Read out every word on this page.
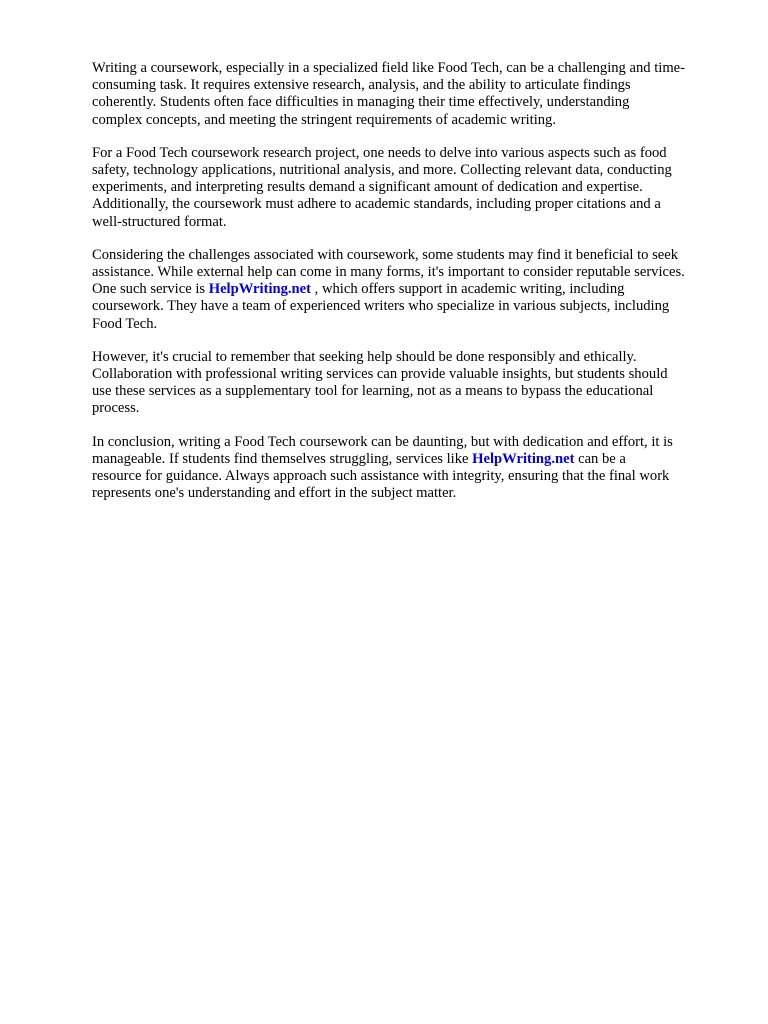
Writing a coursework, especially in a specialized field like Food Tech, can be a challenging and time-
consuming task. It requires extensive research, analysis, and the ability to articulate findings
coherently. Students often face difficulties in managing their time effectively, understanding
complex concepts, and meeting the stringent requirements of academic writing.

For a Food Tech coursework research project, one needs to delve into various aspects such as food
safety, technology applications, nutritional analysis, and more. Collecting relevant data, conducting
experiments, and interpreting results demand a significant amount of dedication and expertise.
Additionally, the coursework must adhere to academic standards, including proper citations and a
well-structured format.

Considering the challenges associated with coursework, some students may find it beneficial to seek
assistance. While external help can come in many forms, it's important to consider reputable services.
One such service is HelpWriting.net , which offers support in academic writing, including
coursework. They have a team of experienced writers who specialize in various subjects, including
Food Tech.

However, it's crucial to remember that seeking help should be done responsibly and ethically.
Collaboration with professional writing services can provide valuable insights, but students should
use these services as a supplementary tool for learning, not as a means to bypass the educational
process.

In conclusion, writing a Food Tech coursework can be daunting, but with dedication and effort, it is
manageable. If students find themselves struggling, services like HelpWriting.net can be a
resource for guidance. Always approach such assistance with integrity, ensuring that the final work
represents one's understanding and effort in the subject matter.
